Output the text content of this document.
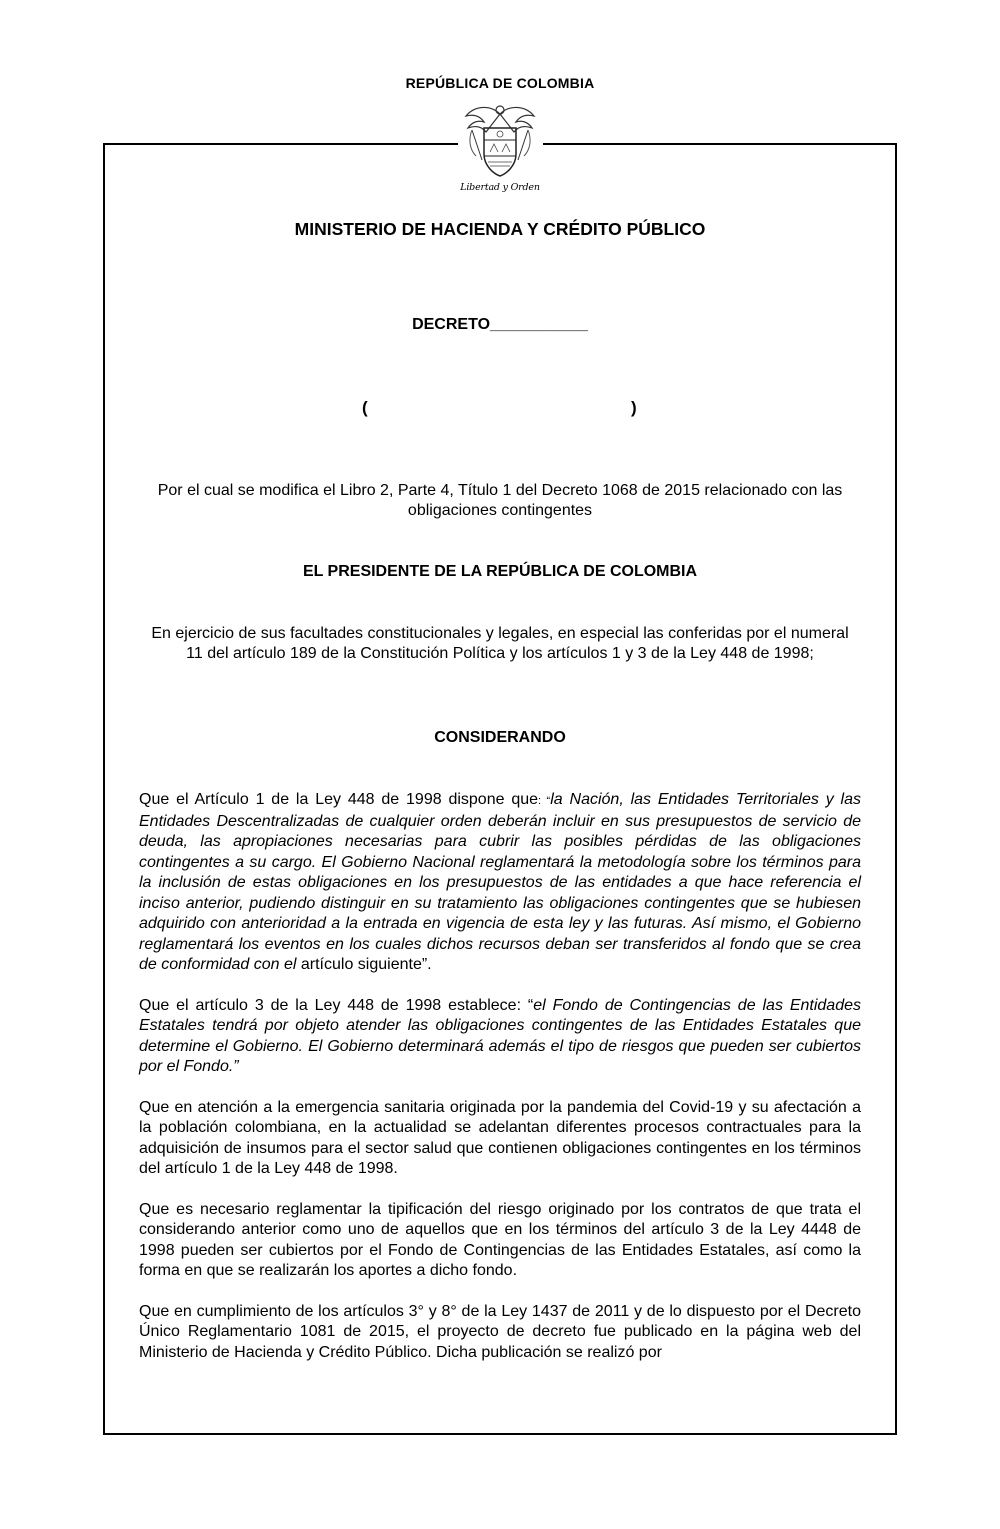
REPÚBLICA DE COLOMBIA
Libertad y Orden
MINISTERIO DE HACIENDA Y CRÉDITO PÚBLICO
DECRETO___________
(	)
Por el cual se modifica el Libro 2, Parte 4, Título 1 del Decreto 1068 de 2015 relacionado con las obligaciones contingentes
EL PRESIDENTE DE LA REPÚBLICA DE COLOMBIA
En ejercicio de sus facultades constitucionales y legales, en especial las conferidas por el numeral 11 del artículo 189 de la Constitución Política y los artículos 1 y 3 de la Ley 448 de 1998;
CONSIDERANDO

Que el Artículo 1 de la Ley 448 de 1998 dispone que: “la Nación, las Entidades Territoriales y las Entidades Descentralizadas de cualquier orden deberán incluir en sus presupuestos de servicio de deuda, las apropiaciones necesarias para cubrir las posibles pérdidas de las obligaciones contingentes a su cargo. El Gobierno Nacional reglamentará la metodología sobre los términos para la inclusión de estas obligaciones en los presupuestos de las entidades a que hace referencia el inciso anterior, pudiendo distinguir en su tratamiento las obligaciones contingentes que se hubiesen adquirido con anterioridad a la entrada en vigencia de esta ley y las futuras. Así mismo, el Gobierno reglamentará los eventos en los cuales dichos recursos deban ser transferidos al fondo que se crea de conformidad con el artículo siguiente”.

Que el artículo 3 de la Ley 448 de 1998 establece: “el Fondo de Contingencias de las Entidades Estatales tendrá por objeto atender las obligaciones contingentes de las Entidades Estatales que determine el Gobierno. El Gobierno determinará además el tipo de riesgos que pueden ser cubiertos por el Fondo.”

Que en atención a la emergencia sanitaria originada por la pandemia del Covid-19 y su afectación a la población colombiana, en la actualidad se adelantan diferentes procesos contractuales para la adquisición de insumos para el sector salud que contienen obligaciones contingentes en los términos del artículo 1 de la Ley 448 de 1998.

Que es necesario reglamentar la tipificación del riesgo originado por los contratos de que trata el considerando anterior como uno de aquellos que en los términos del artículo 3 de la Ley 4448 de 1998 pueden ser cubiertos por el Fondo de Contingencias de las Entidades Estatales, así como la forma en que se realizarán los aportes a dicho fondo.

Que en cumplimiento de los artículos 3° y 8° de la Ley 1437 de 2011 y de lo dispuesto por el Decreto Único Reglamentario 1081 de 2015, el proyecto de decreto fue publicado en la página web del Ministerio de Hacienda y Crédito Público. Dicha publicación se realizó por
